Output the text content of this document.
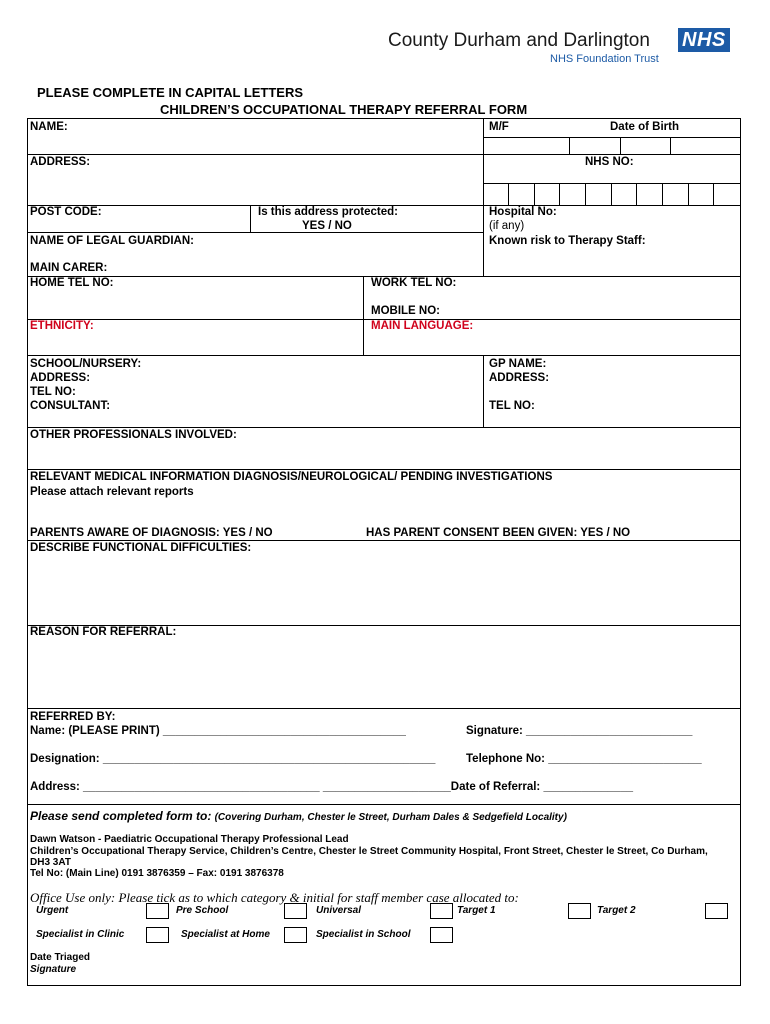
County Durham and Darlington NHS
NHS Foundation Trust
PLEASE COMPLETE IN CAPITAL LETTERS
CHILDREN’S OCCUPATIONAL THERAPY REFERRAL FORM
NAME:	M/F	Date of Birth
ADDRESS:	NHS NO:
POST CODE:	Is this address protected:
YES / NO
Hospital No:
(if any)
NAME OF LEGAL GUARDIAN:	Known risk to Therapy Staff:
MAIN CARER:
HOME TEL NO:	WORK TEL NO:
MOBILE NO:
ETHNICITY:	MAIN LANGUAGE:
SCHOOL/NURSERY:
ADDRESS:
TEL NO:
CONSULTANT:
GP NAME:
ADDRESS:
TEL NO:
OTHER PROFESSIONALS INVOLVED:
RELEVANT MEDICAL INFORMATION DIAGNOSIS/NEUROLOGICAL/ PENDING INVESTIGATIONS
Please attach relevant reports
PARENTS AWARE OF DIAGNOSIS: YES / NO	HAS PARENT CONSENT BEEN GIVEN: YES / NO
DESCRIBE FUNCTIONAL DIFFICULTIES:
REASON FOR REFERRAL:
REFERRED BY:
Name: (PLEASE PRINT) ______________________________________	Signature: __________________________
Designation: ____________________________________________________	Telephone No: ________________________
Address: _____________________________________ ____________________Date of Referral: ______________
Please send completed form to: (Covering Durham, Chester le Street, Durham Dales & Sedgefield Locality)
Dawn Watson - Paediatric Occupational Therapy Professional Lead
Children’s Occupational Therapy Service, Children’s Centre, Chester le Street Community Hospital, Front Street, Chester le Street, Co Durham,
DH3 3AT
Tel No: (Main Line) 0191 3876359 – Fax: 0191 3876378
Office Use only: Please tick as to which category & initial for staff member case allocated to:
Urgent	Pre School	Universal	Target 1	Target 2
Specialist in Clinic	Specialist at Home	Specialist in School
Date Triaged
Signature
